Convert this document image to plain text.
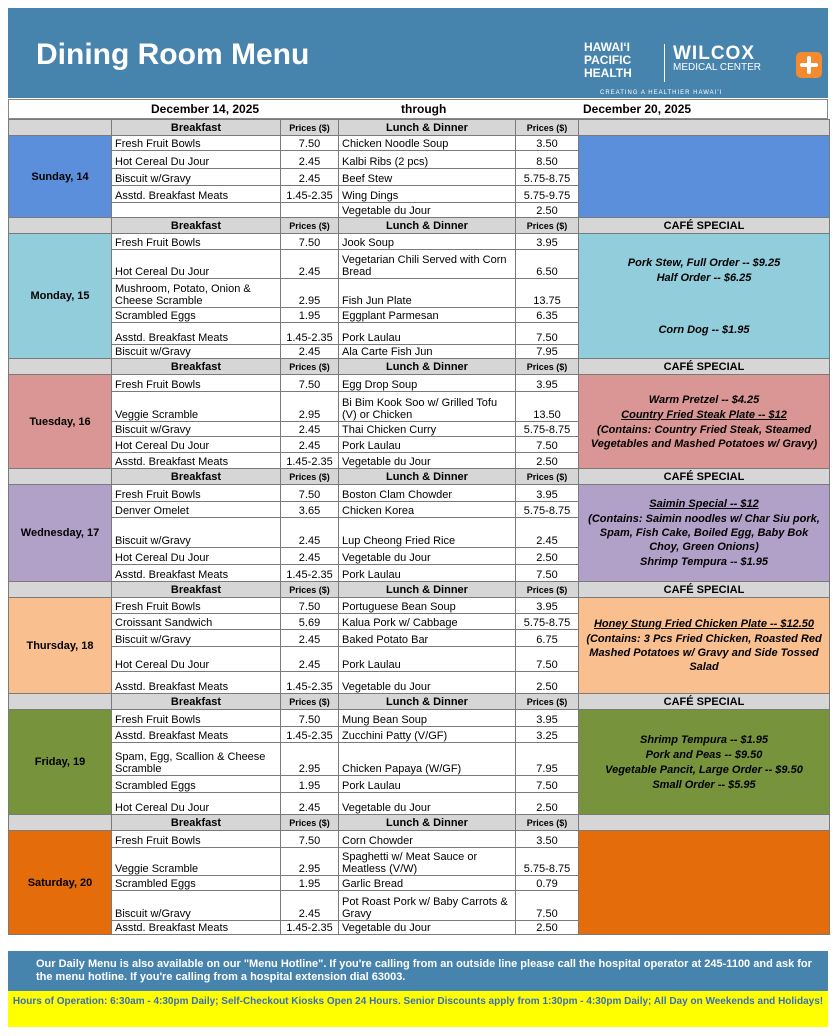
Dining Room Menu	HAWAIʻI PACIFIC HEALTH
WILCOX
MEDICAL CENTER
CREATING A HEALTHIER HAWAIʻI
December 14, 2025	through	December 20, 2025
	Breakfast	Prices ($)	Lunch & Dinner	Prices ($)	
Sunday, 14	Fresh Fruit Bowls	7.50	Chicken Noodle Soup	3.50	
	Hot Cereal Du Jour	2.45	Kalbi Ribs (2 pcs)	8.50	
	Biscuit w/Gravy	2.45	Beef Stew	5.75-8.75	
	Asstd. Breakfast Meats	1.45-2.35	Wing Dings	5.75-9.75	
			Vegetable du Jour	2.50	
	Breakfast	Prices ($)	Lunch & Dinner	Prices ($)	CAFÉ SPECIAL
Monday, 15	Fresh Fruit Bowls	7.50	Jook Soup	3.95	Pork Stew, Full Order -- $9.25
Half Order -- $6.25
Corn Dog -- $1.95

	Hot Cereal Du Jour	2.45	Vegetarian Chili Served with Corn Bread	6.50	
	Mushroom, Potato, Onion & Cheese Scramble	2.95	Fish Jun Plate	13.75	
	Scrambled Eggs	1.95	Eggplant Parmesan	6.35	
	Asstd. Breakfast Meats	1.45-2.35	Pork Laulau	7.50	
	Biscuit w/Gravy	2.45	Ala Carte Fish Jun	7.95	
	Breakfast	Prices ($)	Lunch & Dinner	Prices ($)	CAFÉ SPECIAL
Tuesday, 16	Fresh Fruit Bowls	7.50	Egg Drop Soup	3.95	Warm Pretzel -- $4.25
Country Fried Steak Plate -- $12
(Contains: Country Fried Steak, Steamed Vegetables and Mashed Potatoes w/ Gravy)

	Veggie Scramble	2.95	Bi Bim Kook Soo w/ Grilled Tofu (V) or Chicken	13.50	
	Biscuit w/Gravy	2.45	Thai Chicken Curry	5.75-8.75	
	Hot Cereal Du Jour	2.45	Pork Laulau	7.50	
	Asstd. Breakfast Meats	1.45-2.35	Vegetable du Jour	2.50	
	Breakfast	Prices ($)	Lunch & Dinner	Prices ($)	CAFÉ SPECIAL
Wednesday, 17	Fresh Fruit Bowls	7.50	Boston Clam Chowder	3.95	Saimin Special -- $12
(Contains: Saimin noodles w/ Char Siu pork, Spam, Fish Cake, Boiled Egg, Baby Bok Choy, Green Onions)
Shrimp Tempura -- $1.95

	Denver Omelet	3.65	Chicken Korea	5.75-8.75	
	Biscuit w/Gravy	2.45	Lup Cheong Fried Rice	2.45	
	Hot Cereal Du Jour	2.45	Vegetable du Jour	2.50	
	Asstd. Breakfast Meats	1.45-2.35	Pork Laulau	7.50	
	Breakfast	Prices ($)	Lunch & Dinner	Prices ($)	CAFÉ SPECIAL
Thursday, 18	Fresh Fruit Bowls	7.50	Portuguese Bean Soup	3.95	Honey Stung Fried Chicken Plate -- $12.50
(Contains: 3 Pcs Fried Chicken, Roasted Red Mashed Potatoes w/ Gravy and Side Tossed Salad

	Croissant Sandwich	5.69	Kalua Pork w/ Cabbage	5.75-8.75	
	Biscuit w/Gravy	2.45	Baked Potato Bar	6.75	
	Hot Cereal Du Jour	2.45	Pork Laulau	7.50	
	Asstd. Breakfast Meats	1.45-2.35	Vegetable du Jour	2.50	
	Breakfast	Prices ($)	Lunch & Dinner	Prices ($)	CAFÉ SPECIAL
Friday, 19	Fresh Fruit Bowls	7.50	Mung Bean Soup	3.95	Shrimp Tempura -- $1.95
Pork and Peas -- $9.50
Vegetable Pancit, Large Order -- $9.50
Small Order -- $5.95

	Asstd. Breakfast Meats	1.45-2.35	Zucchini Patty (V/GF)	3.25	
	Spam, Egg, Scallion & Cheese Scramble	2.95	Chicken Papaya (W/GF)	7.95	
	Scrambled Eggs	1.95	Pork Laulau	7.50	
	Hot Cereal Du Jour	2.45	Vegetable du Jour	2.50	
	Breakfast	Prices ($)	Lunch & Dinner	Prices ($)	
Saturday, 20	Fresh Fruit Bowls	7.50	Corn Chowder	3.50	
	Veggie Scramble	2.95	Spaghetti w/ Meat Sauce or Meatless (V/W)	5.75-8.75	
	Scrambled Eggs	1.95	Garlic Bread	0.79	
	Biscuit w/Gravy	2.45	Pot Roast Pork w/ Baby Carrots & Gravy	7.50	
	Asstd. Breakfast Meats	1.45-2.35	Vegetable du Jour	2.50	
Our Daily Menu is also available on our "Menu Hotline". If you're calling from an outside line please call the hospital operator at 245-1100 and ask for the menu hotline. If you're calling from a hospital extension dial 63003.
Hours of Operation: 6:30am - 4:30pm Daily; Self-Checkout Kiosks Open 24 Hours. Senior Discounts apply from 1:30pm - 4:30pm Daily; All Day on Weekends and Holidays!
